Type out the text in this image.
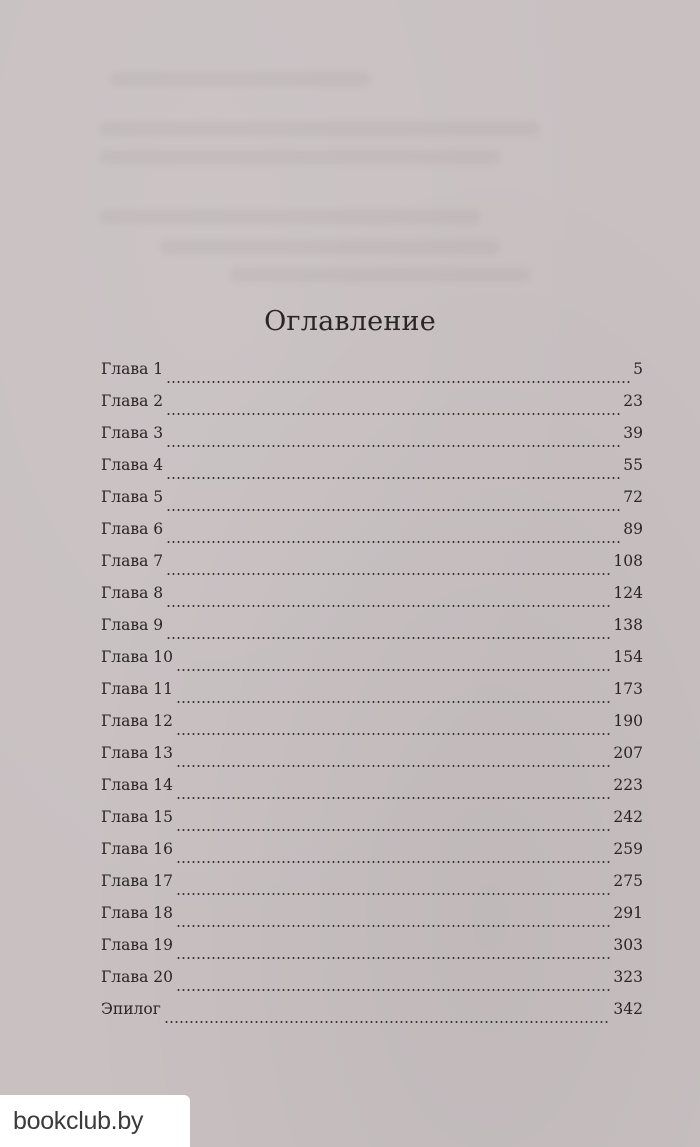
Оглавление
Глава 1	5
Глава 2	23
Глава 3	39
Глава 4	55
Глава 5	72
Глава 6	89
Глава 7	108
Глава 8	124
Глава 9	138
Глава 10	154
Глава 11	173
Глава 12	190
Глава 13	207
Глава 14	223
Глава 15	242
Глава 16	259
Глава 17	275
Глава 18	291
Глава 19	303
Глава 20	323
Эпилог	342
bookclub.by
